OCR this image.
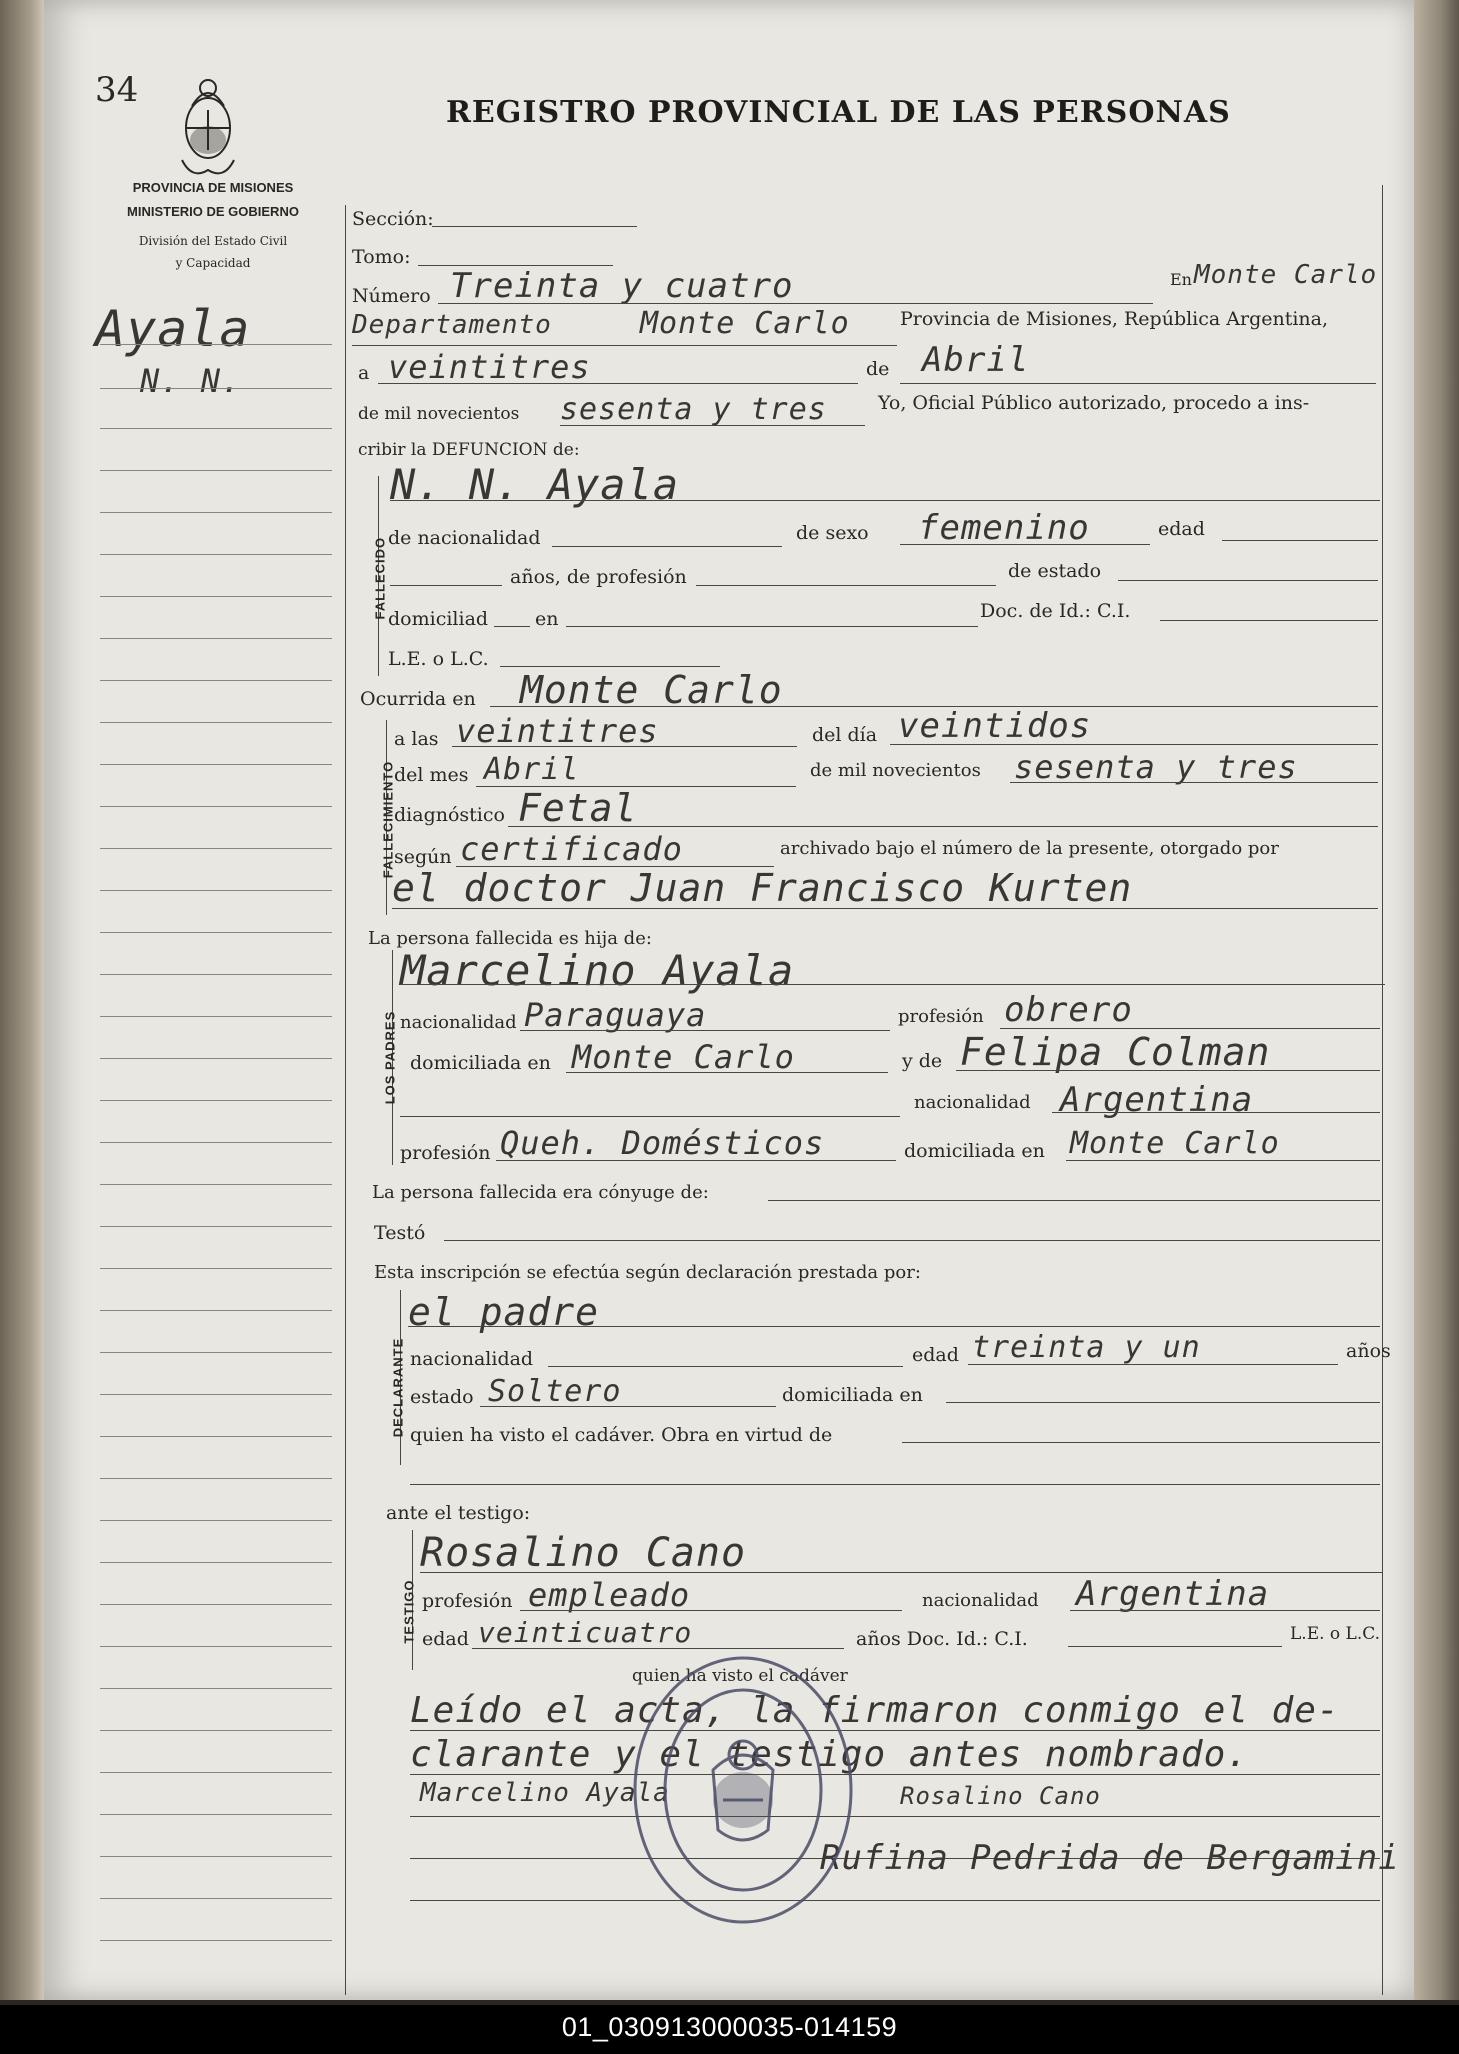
34
PROVINCIA DE MISIONES
MINISTERIO DE GOBIERNO
División del Estado Civil
y Capacidad
Ayala
N. N.
REGISTRO PROVINCIAL DE LAS PERSONAS
Sección:
Tomo:
Número Treinta y cuatro	En Monte Carlo
Departamento	Monte Carlo	Provincia de Misiones, República Argentina,
a veintitres	de Abril
de mil novecientos sesenta y tres	Yo, Oficial Público autorizado, procedo a ins-
cribir la DEFUNCION de:
FALLECIDO
N. N. Ayala
de nacionalidad	de sexo femenino	edad
años, de profesión	de estado
domiciliad en	Doc. de Id.: C.I.
L.E. o L.C.
Ocurrida en Monte Carlo
FALLECIMIENTO
a las veintitres	del día veintidos
del mes Abril	de mil novecientos sesenta y tres
diagnóstico Fetal
según certificado	archivado bajo el número de la presente, otorgado por
el doctor Juan Francisco Kurten
La persona fallecida es hija de:
LOS PADRES
Marcelino Ayala
nacionalidad Paraguaya	profesión obrero
domiciliada en Monte Carlo	y de Felipa Colman
nacionalidad Argentina
profesión Queh. Domésticos	domiciliada en Monte Carlo
La persona fallecida era cónyuge de:
Testó
Esta inscripción se efectúa según declaración prestada por:
DECLARANTE
el padre
nacionalidad	edad treinta y un	años
estado Soltero	domiciliada en
quien ha visto el cadáver. Obra en virtud de
ante el testigo:
TESTIGO
Rosalino Cano
profesión empleado	nacionalidad Argentina
edad veinticuatro	años Doc. Id.: C.I.	L.E. o L.C.
quien ha visto el cadáver
Leído el acta, la firmaron conmigo el de-
clarante y el testigo antes nombrado.
Marcelino Ayala	Rosalino Cano
Rufina Pedrida de Bergamini
01_030913000035-014159
